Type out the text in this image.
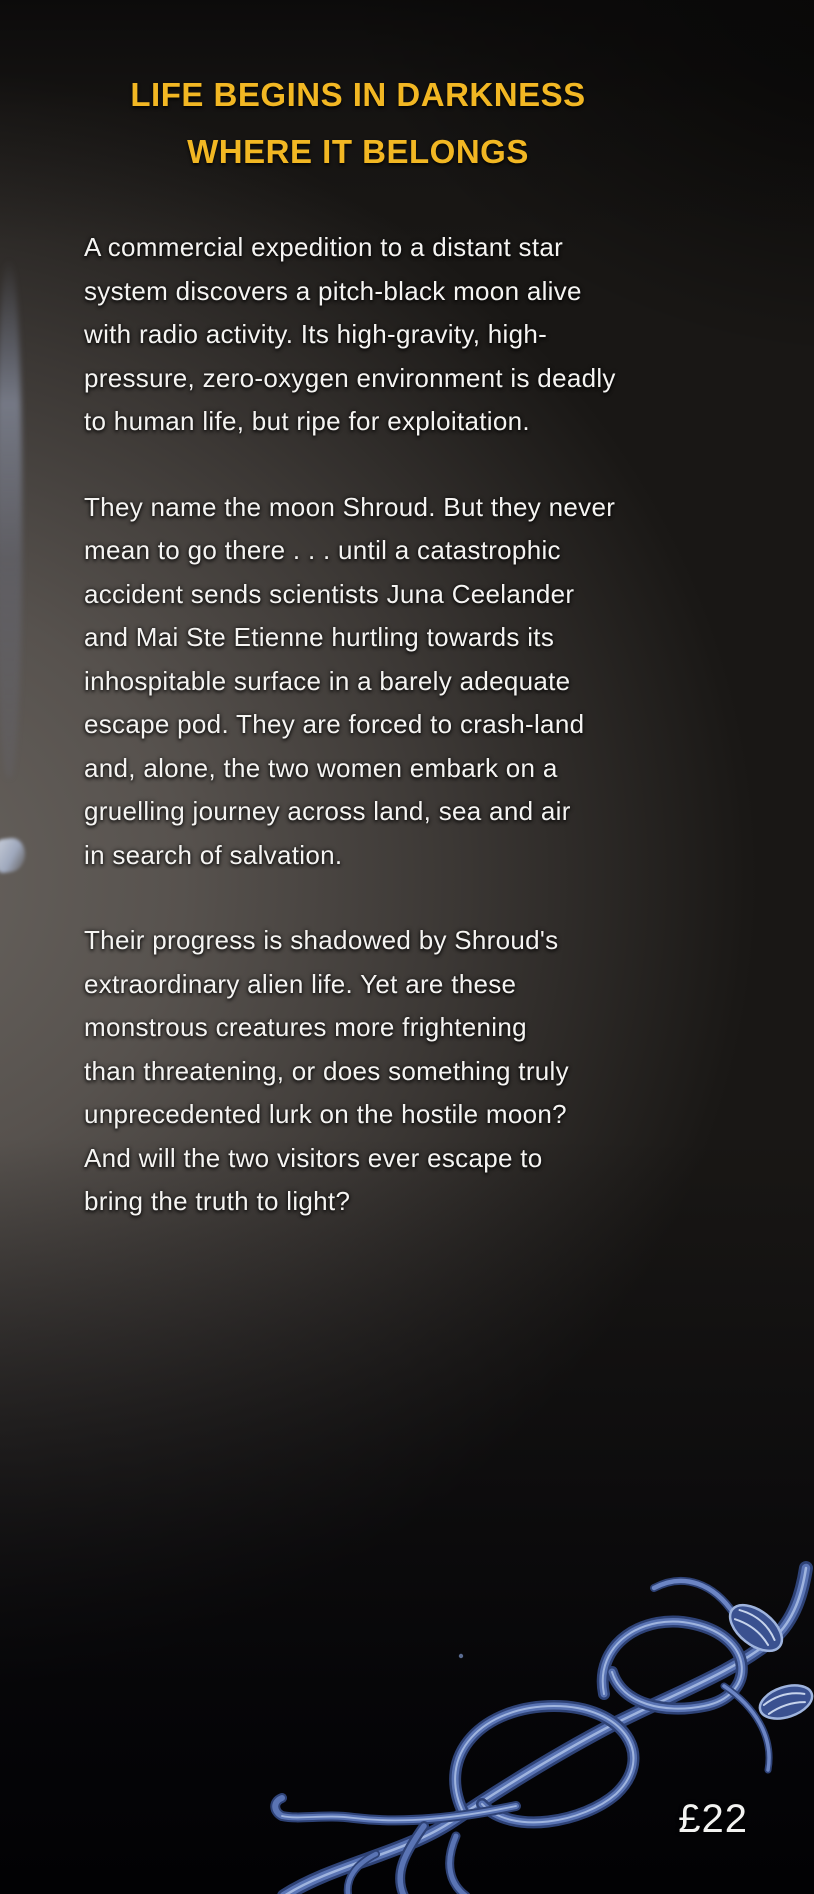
LIFE BEGINS IN DARKNESS
WHERE IT BELONGS
A commercial expedition to a distant star
system discovers a pitch-black moon alive
with radio activity. Its high-gravity, high-
pressure, zero-oxygen environment is deadly
to human life, but ripe for exploitation.
They name the moon Shroud. But they never
mean to go there . . . until a catastrophic
accident sends scientists Juna Ceelander
and Mai Ste Etienne hurtling towards its
inhospitable surface in a barely adequate
escape pod. They are forced to crash-land
and, alone, the two women embark on a
gruelling journey across land, sea and air
in search of salvation.
Their progress is shadowed by Shroud's
extraordinary alien life. Yet are these
monstrous creatures more frightening
than threatening, or does something truly
unprecedented lurk on the hostile moon?
And will the two visitors ever escape to
bring the truth to light?
£22
